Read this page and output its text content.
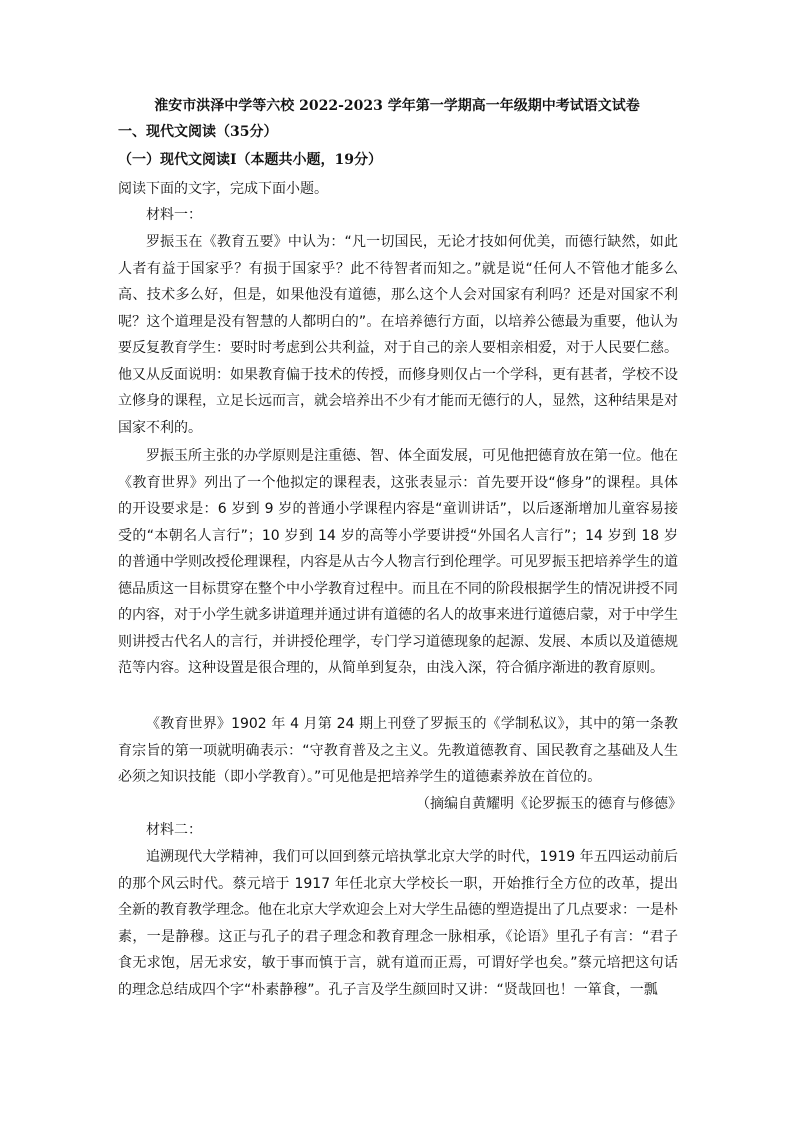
淮安市洪泽中学等六校 2022-2023 学年第一学期高一年级期中考试语文试卷
一、现代文阅读（35分）
（一）现代文阅读Ⅰ（本题共小题，19分）
阅读下面的文字，完成下面小题。
材料一：
罗振玉在《教育五要》中认为：“凡一切国民，无论才技如何优美，而德行缺然，如此人者有益于国家乎？有损于国家乎？此不待智者而知之。”就是说“任何人不管他才能多么高、技术多么好，但是，如果他没有道德，那么这个人会对国家有利吗？还是对国家不利呢？这个道理是没有智慧的人都明白的”。在培养德行方面，以培养公德最为重要，他认为要反复教育学生：要时时考虑到公共利益，对于自己的亲人要相亲相爱，对于人民要仁慈。他又从反面说明：如果教育偏于技术的传授，而修身则仅占一个学科，更有甚者，学校不设立修身的课程，立足长远而言，就会培养出不少有才能而无德行的人，显然，这种结果是对国家不利的。
罗振玉所主张的办学原则是注重德、智、体全面发展，可见他把德育放在第一位。他在《教育世界》列出了一个他拟定的课程表，这张表显示：首先要开设“修身”的课程。具体的开设要求是：6 岁到 9 岁的普通小学课程内容是“童训讲话”，以后逐渐增加儿童容易接受的“本朝名人言行”；10 岁到 14 岁的高等小学要讲授“外国名人言行”；14 岁到 18 岁的普通中学则改授伦理课程，内容是从古今人物言行到伦理学。可见罗振玉把培养学生的道德品质这一目标贯穿在整个中小学教育过程中。而且在不同的阶段根据学生的情况讲授不同的内容，对于小学生就多讲道理并通过讲有道德的名人的故事来进行道德启蒙，对于中学生则讲授古代名人的言行，并讲授伦理学，专门学习道德现象的起源、发展、本质以及道德规范等内容。这种设置是很合理的，从简单到复杂，由浅入深，符合循序渐进的教育原则。
《教育世界》1902 年 4 月第 24 期上刊登了罗振玉的《学制私议》，其中的第一条教育宗旨的第一项就明确表示：“守教育普及之主义。先教道德教育、国民教育之基础及人生必须之知识技能（即小学教育）。”可见他是把培养学生的道德素养放在首位的。
（摘编自黄耀明《论罗振玉的德育与修德》
材料二：
追溯现代大学精神，我们可以回到蔡元培执掌北京大学的时代，1919 年五四运动前后的那个风云时代。蔡元培于 1917 年任北京大学校长一职，开始推行全方位的改革，提出全新的教育教学理念。他在北京大学欢迎会上对大学生品德的塑造提出了几点要求：一是朴素，一是静穆。这正与孔子的君子理念和教育理念一脉相承，《论语》里孔子有言：“君子食无求饱，居无求安，敏于事而慎于言，就有道而正焉，可谓好学也矣。”蔡元培把这句话的理念总结成四个字“朴素静穆”。孔子言及学生颜回时又讲：“贤哉回也！一箪食，一瓢
